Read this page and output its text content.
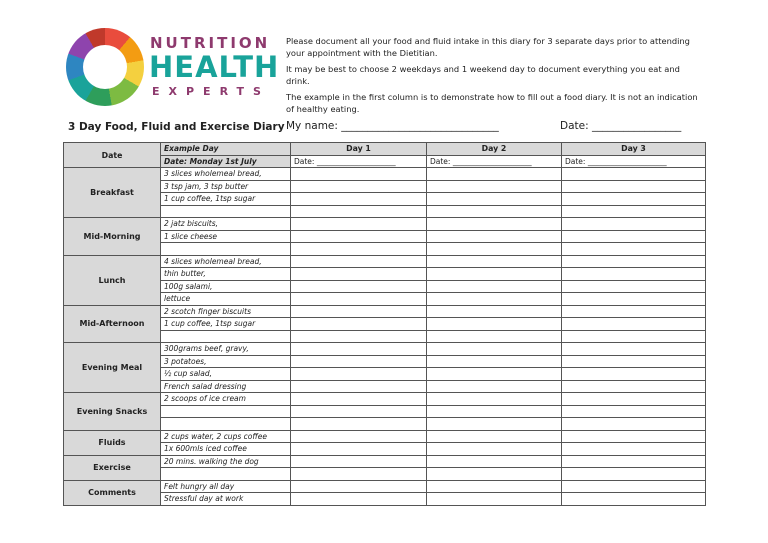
NUTRITION
HEALTH
EXPERTS

Please document all your food and fluid intake in this diary for 3 separate days prior to attending your appointment with the Dietitian.

It may be best to choose 2 weekdays and 1 weekend day to document everything you eat and drink.

The example in the first column is to demonstrate how to fill out a food diary. It is not an indication of healthy eating.

3 Day Food, Fluid and Exercise Diary My name: ______________________________	Date: _________________
Date	Example Day	Day 1	Day 2	Day 3
	Date: Monday 1st July	Date: _____________________	Date: _____________________	Date: _____________________
Breakfast	3 slices wholemeal bread,			
	3 tsp jam, 3 tsp butter			
	1 cup coffee, 1tsp sugar			

Mid-Morning	2 jatz biscuits,			
	1 slice cheese			

Lunch	4 slices wholemeal bread,			
	thin butter,			
	100g salami,			
	lettuce			
Mid-Afternoon	2 scotch finger biscuits			
	1 cup coffee, 1tsp sugar			

Evening Meal	300grams beef, gravy,			
	3 potatoes,			
	½ cup salad,			
	French salad dressing			
Evening Snacks	2 scoops of ice cream			

Fluids	2 cups water, 2 cups coffee			
	1x 600mls iced coffee			
Exercise	20 mins. walking the dog			

Comments	Felt hungry all day			
	Stressful day at work			
